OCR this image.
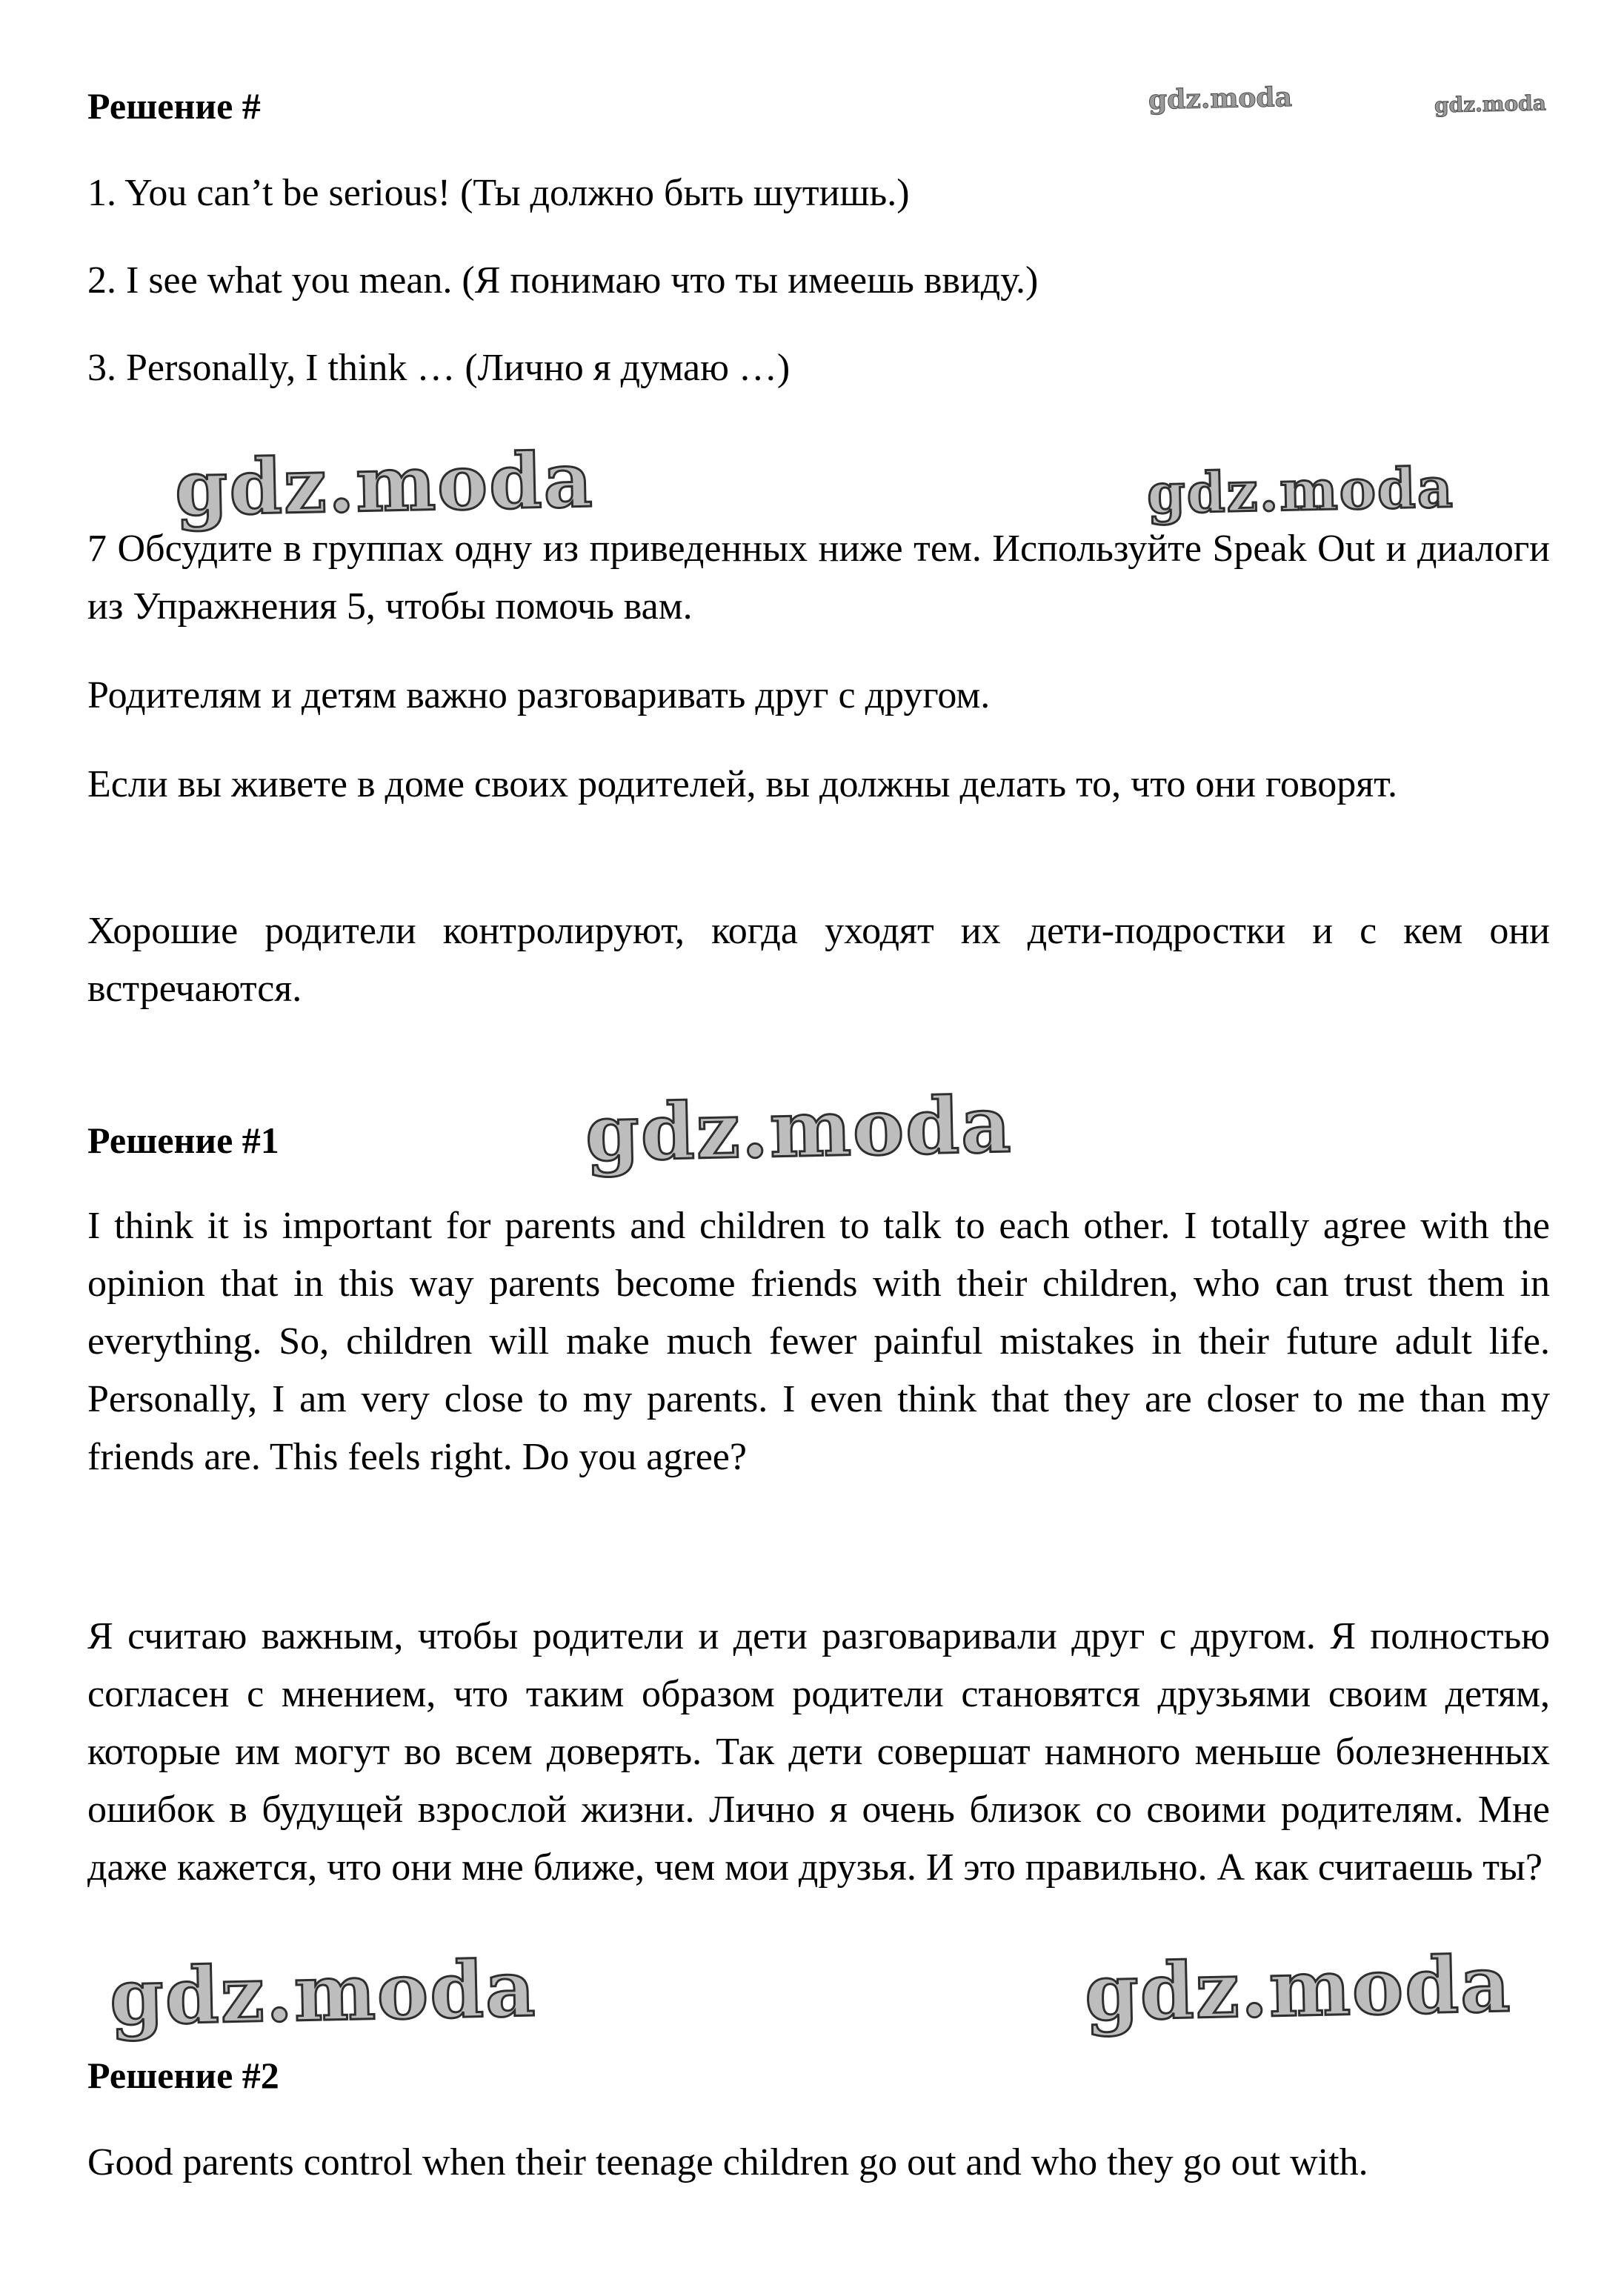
Решение #
1. You can’t be serious! (Ты должно быть шутишь.)
2. I see what you mean. (Я понимаю что ты имеешь ввиду.)
3. Personally, I think … (Лично я думаю …)
7 Обсудите в группах одну из приведенных ниже тем. Используйте Speak Out и диалоги из Упражнения 5, чтобы помочь вам.
Родителям и детям важно разговаривать друг с другом.
Если вы живете в доме своих родителей, вы должны делать то, что они говорят.
Хорошие родители контролируют, когда уходят их дети-подростки и с кем они встречаются.
Решение #1
I think it is important for parents and children to talk to each other. I totally agree with the opinion that in this way parents become friends with their children, who can trust them in everything. So, children will make much fewer painful mistakes in their future adult life. Personally, I am very close to my parents. I even think that they are closer to me than my friends are. This feels right. Do you agree?
Я считаю важным, чтобы родители и дети разговаривали друг с другом. Я полностью согласен с мнением, что таким образом родители становятся друзьями своим детям, которые им могут во всем доверять. Так дети совершат намного меньше болезненных ошибок в будущей взрослой жизни. Лично я очень близок со своими родителям. Мне даже кажется, что они мне ближе, чем мои друзья. И это правильно. А как считаешь ты?
Решение #2
Good parents control when their teenage children go out and who they go out with.
gdz.moda	gdz.moda
gdz.moda	gdz.moda
gdz.moda
gdz.moda	gdz.moda
